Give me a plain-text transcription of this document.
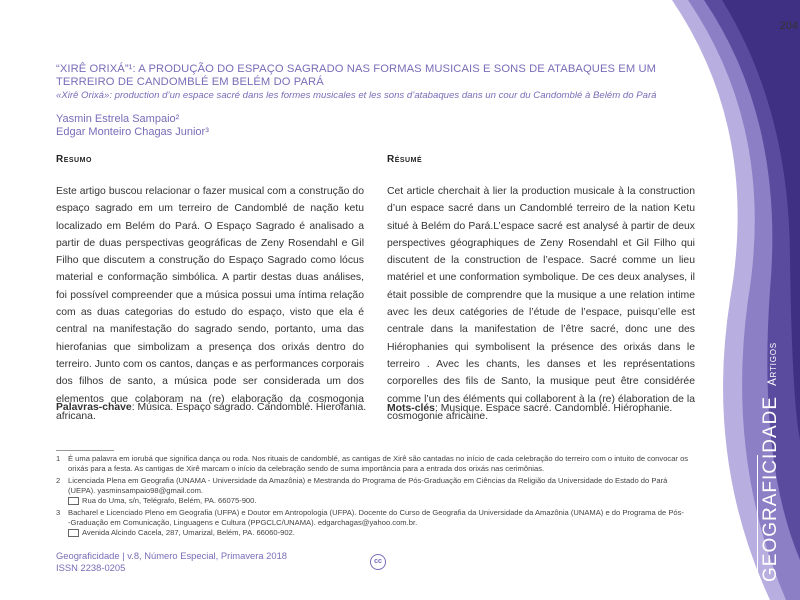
204
“XIRÊ ORIXÁ”¹: A PRODUÇÃO DO ESPAÇO SAGRADO NAS FORMAS MUSICAIS E SONS DE ATABAQUES EM UM TERREIRO DE CANDOMBLÉ EM BELÉM DO PARÁ
«Xirê Orixá»: production d’un espace sacré dans les formes musicales et les sons d’atabaques dans un cour du Candomblé à Belém do Pará
Yasmin Estrela Sampaio²
Edgar Monteiro Chagas Junior³
Resumo
Este artigo buscou relacionar o fazer musical com a construção do espaço sagrado em um terreiro de Candomblé de nação ketu localizado em Belém do Pará. O Espaço Sagrado é analisado a partir de duas perspectivas geográficas de Zeny Rosendahl e Gil Filho que discutem a construção do Espaço Sagrado como lócus material e conformação simbólica. A partir destas duas análises, foi possível compreender que a música possui uma íntima relação com as duas categorias do estudo do espaço, visto que ela é central na manifestação do sagrado sendo, portanto, uma das hierofanias que simbolizam a presença dos orixás dentro do terreiro. Junto com os cantos, danças e as performances corporais dos filhos de santo, a música pode ser considerada um dos elementos que colaboram na (re) elaboração da cosmogonia africana.
Palavras-chave: Música. Espaço sagrado. Candomblé. Hierofania.
Résumé
Cet article cherchait à lier la production musicale à la construction d’un espace sacré dans un Candomblé terreiro de la nation Ketu situé à Belém do Pará.L’espace sacré est analysé à partir de deux perspectives géographiques de Zeny Rosendahl et Gil Filho qui discutent de la construction de l’espace. Sacré comme un lieu matériel et une conformation symbolique. De ces deux analyses, il était possible de comprendre que la musique a une relation intime avec les deux catégories de l’étude de l’espace, puisqu’elle est centrale dans la manifestation de l’être sacré, donc une des Hiérophanies qui symbolisent la présence des orixás dans le terreiro . Avec les chants, les danses et les représentations corporelles des fils de Santo, la musique peut être considérée comme l’un des éléments qui collaborent à la (re) élaboration de la cosmogonie africaine.
Mots-clés: Musique. Espace sacré. Candomblé. Hiérophanie.
1	É uma palavra em iorubá que significa dança ou roda. Nos rituais de candomblé, as cantigas de Xirê são cantadas no início de cada celebração do terreiro com o intuito de convocar os
orixás para a festa. As cantigas de Xirê marcam o início da celebração sendo de suma importância para a entrada dos orixás nas cerimônias.
2	Licenciada Plena em Geografia (UNAMA - Universidade da Amazônia) e Mestranda do Programa de Pós-Graduação em Ciências da Religião da Universidade do Estado do Pará
(UEPA). yasminsampaio98@gmail.com.
Rua do Uma, s/n, Telégrafo, Belém, PA. 66075-900.
3	Bacharel e Licenciado Pleno em Geografia (UFPA) e Doutor em Antropologia (UFPA). Docente do Curso de Geografia da Universidade da Amazônia (UNAMA) e do Programa de Pós-
-Graduação em Comunicação, Linguagens e Cultura (PPGCLC/UNAMA). edgarchagas@yahoo.com.br.
Avenida Alcindo Cacela, 287, Umarizal, Belém, PA. 66060-902.
Geograficidade | v.8, Número Especial, Primavera 2018
ISSN 2238-0205
cc	GEOGRAFICIDADEArtigos
